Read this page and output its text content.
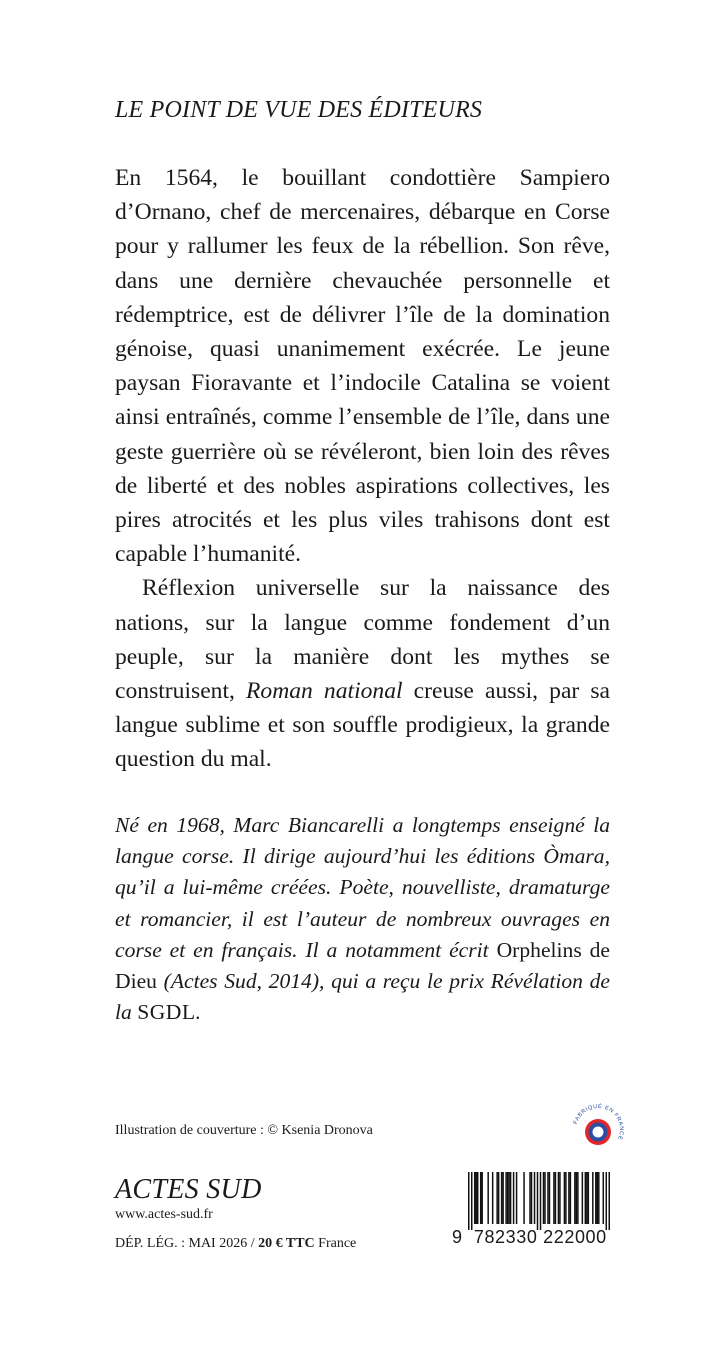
LE POINT DE VUE DES ÉDITEURS

En 1564, le bouillant condottière Sampiero d’Ornano, chef de mercenaires, débarque en Corse pour y rallumer les feux de la rébellion. Son rêve, dans une dernière chevauchée personnelle et rédemptrice, est de délivrer l’île de la domination génoise, quasi unanimement exécrée. Le jeune paysan Fioravante et l’indocile Catalina se voient ainsi entraînés, comme l’ensemble de l’île, dans une geste guerrière où se révéleront, bien loin des rêves de liberté et des nobles aspirations collectives, les pires atrocités et les plus viles trahisons dont est capable l’humanité.

Réflexion universelle sur la naissance des nations, sur la langue comme fondement d’un peuple, sur la manière dont les mythes se construisent, Roman national creuse aussi, par sa langue sublime et son souffle prodigieux, la grande question du mal.

Né en 1968, Marc Biancarelli a longtemps enseigné la langue corse. Il dirige aujourd’hui les éditions Òmara, qu’il a lui-même créées. Poète, nouvelliste, dramaturge et romancier, il est l’auteur de nombreux ouvrages en corse et en français. Il a notamment écrit Orphelins de Dieu (Actes Sud, 2014), qui a reçu le prix Révélation de la SGDL.
Illustration de couverture : © Ksenia Dronova
FABRIQUÉ EN FRANCE
ACTES SUD
www.actes-sud.fr
DÉP. LÉG. : MAI 2026 / 20 € TTC France	9 782330 222000
